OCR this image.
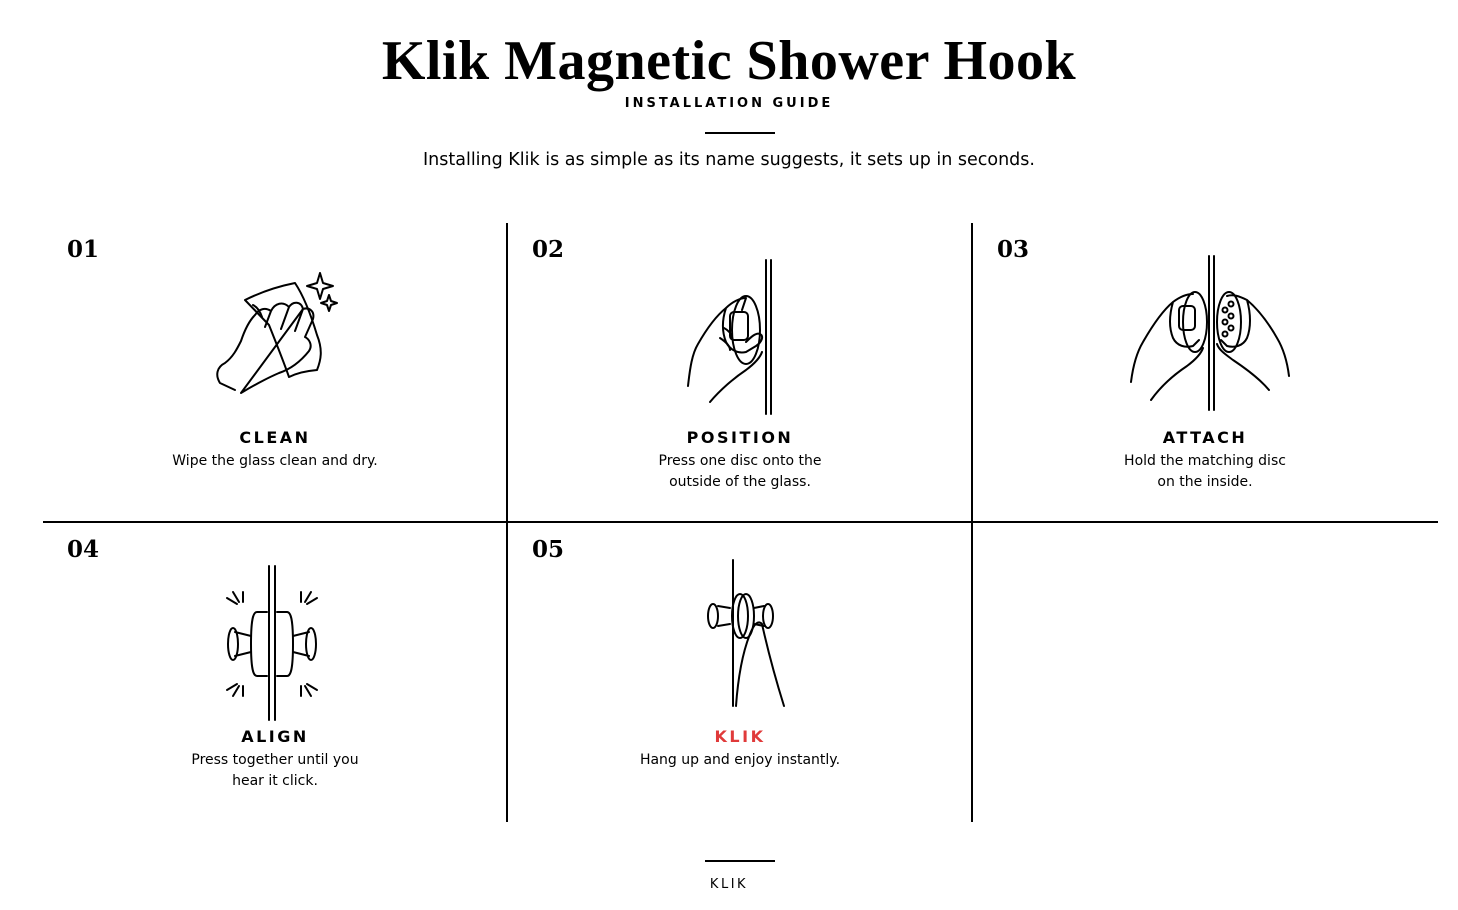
Klik Magnetic Shower Hook
INSTALLATION GUIDE
Installing Klik is as simple as its name suggests, it sets up in seconds.
01
CLEAN
Wipe the glass clean and dry.
02
POSITION
Press one disc onto the
outside of the glass.
03
ATTACH
Hold the matching disc
on the inside.
04
ALIGN
Press together until you
hear it click.
05
KLIK
Hang up and enjoy instantly.
KLIK
